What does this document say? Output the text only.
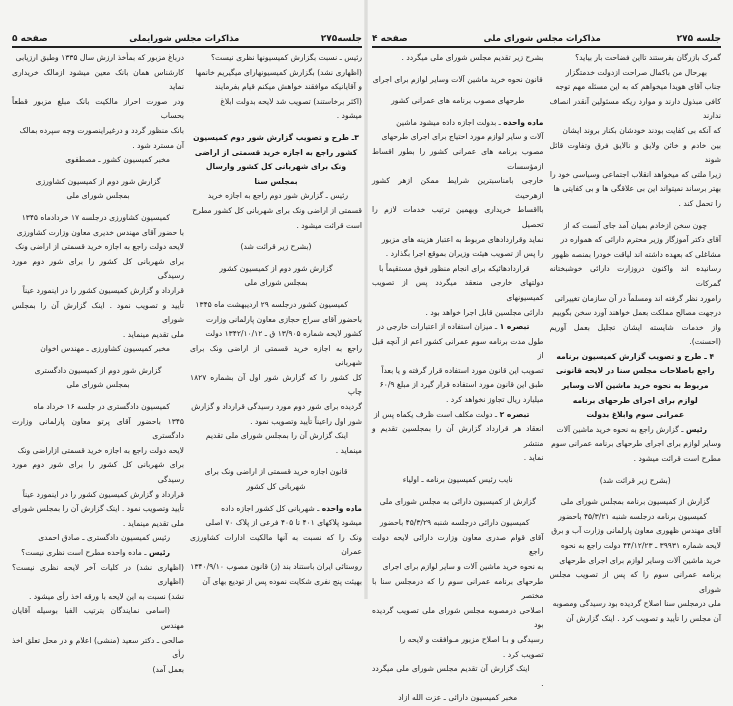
جلسه۲۷۵
مذاکرات مجلس شورایملی
صفحه ۵

رئیس ـ نسبت بگزارش کمیسیونها نظری نیست؟

(اظهاری نشد) بگزارش کمیسیونهارای میگیریم خانمها

و آقایانیکه موافقند خواهش میکنم قیام بفرمایند

(اکثر برخاستند) تصویب شد لایحه بدولت ابلاغ

میشود .

۳ـ طرح و تصویب گزارش شور دوم کمیسیون

کشور راجع به اجازه خرید قسمتی از اراضی

ونک برای شهربانی کل کشور وارسال

بمجلس سنا

رئیس ـ گزارش شور دوم راجع به اجازه خرید

قسمتی از اراضی ونک برای شهربانی کل کشور مطرح

است قرائت میشود .

(بشرح زیر قرائت شد)

گزارش شور دوم از کمیسیون کشور

بمجلس شورای ملی

کمیسیون کشور درجلسه ۲۹ اردیبهشت ماه ۱۳۴۵

باحضور آقای سراج حجازی معاون پارلمانی وزارت

کشور لایحه شماره ۱۳/۹۰۵ ق ـ ۱۳۴۲/۱۰/۱۲ دولت

راجع به اجازه خرید قسمتی از اراضی ونک برای شهربانی

کل کشور را که گزارش شور اول آن بشماره ۱۸۲۷ چاپ

گردیده برای شور دوم مورد رسیدگی قرارداد و گزارش

شور اول راعیناً تأیید وتصویب نمود .

اینک گزارش آن را بمجلس شورای ملی تقدیم

مینماید .

قانون اجازه خرید قسمتی از اراضی ونک برای

شهربانی کل کشور

ماده واحده ـ شهربانی کل کشور اجازه داده

میشود پلاکهای ۴۰۱ تا ۴۰۵ فرعی از پلاک ۷۰ اصلی

ونک را که نسبت به آنها مالکیت ادارات کشاورزی عمران

روستائی ایران باستناد بند (ز) قانون مصوب ۱۳۴۰/۹/۱۰

بهیئت پنج نفری شکایت نموده پس از تودیع بهای آن

درباغ مزبور که بمأخذ ارزش سال ۱۳۳۵ وطبق ارزیابی

کارشناس همان بانک معین میشود ازمالک خریداری نماید

ودر صورت احراز مالکیت بانک مبلغ مزبور قطعاً بحساب

بانک منظور گردد و درغیراینصورت وجه سپرده بمالک

آن مسترد شود .

مخبر کمیسیون کشور ـ مصطفوی

گزارش شور دوم از کمیسیون کشاورزی

بمجلس شورای ملی

کمیسیون کشاورزی درجلسه ۱۷ خردادماه ۱۳۴۵

با حضور آقای مهندس خدیری معاون وزارت کشاورزی

لایحه دولت راجع به اجازه خرید قسمتی از اراضی ونک

برای شهربانی کل کشور را برای شور دوم مورد رسیدگی

قرارداد و گزارش کمیسیون کشور را در اینمورد عیناً

تأیید و تصویب نمود . اینک گزارش آن را بمجلس شورای

ملی تقدیم مینماید .

مخبر کمیسیون کشاورزی ـ مهندس اخوان

گزارش شور دوم از کمیسیون دادگستری

بمجلس شورای ملی

کمیسیون دادگستری در جلسه ۱۶ خرداد ماه

۱۳۴۵ باحضور آقای پرتو معاون پارلمانی وزارت دادگستری

لایحه دولت راجع به اجازه خرید قسمتی ازاراضی ونک

برای شهربانی کل کشور را برای شور دوم مورد رسیدگی

قرارداد و گزارش کمیسیون کشور را در اینمورد عیناً

تأیید وتصویب نمود . اینک گزارش آن را بمجلس شورای

ملی تقدیم مینماید .

رئیس کمیسیون دادگستری ـ صادق احمدی

رئیس ـ ماده واحده مطرح است نظری نیست؟

(اظهاری نشد) در کلیات آخر لایحه نظری نیست؟ (اظهاری

نشد) نسبت به این لایحه با ورقه اخذ رأی میشود .

(اسامی نمایندگان بترتیب الفبا بوسیله آقایان مهندس

صالحی ـ دکتر سعید (منشی) اعلام و در محل تعلق اخذ رأی

بعمل آمد)

جلسه ۲۷۵
مذاکرات مجلس شورای ملی
صفحه ۴

گمرک بازرگان بفرستند تااین فضاحت بار بیاید؟

بهرحال من باکمال صراحت ازدولت خدمتگزار

جناب آقای هویدا میخواهم که به این مسئله مهم توجه

کافی مبذول دارند و موارد ریکه مسئولین آنقدر انصاف ندارند

که آنکه بی کفایت بودند خودشان بکنار بروند ایشان

بین خادم و خائن ولایق و نالایق فرق وتفاوت قائل شوند

زیرا ملتی که میخواهد انقلاب اجتماعی وسیاسی خود را

بهتر برساند نمیتواند این بی علاقگی ها و بی کفایتی ها

را تحمل کند .

چون سخن ازخادم بمیان آمد جای آنست که از

آقای دکتر آموزگار وزیر محترم دارائی که همواره در

مشاغلی که بعهده داشته اند لیاقت خودرا بمنصه ظهور

رسانیده اند واکنون دروزارت دارائی خوشبختانه گمرکات

رامورد نظر گرفته اند ومسلماً در آن سازمان تغییراتی

درجهت مصالح مملکت بعمل خواهند آورد سخن بگوییم

واز خدمات شایسته ایشان تجلیل بعمل آوریم (احسنت).

۴ ـ طرح و تصویب گزارش کمیسیون برنامه

راجع باصلاحات مجلس سنا در لایحه قانونی

مربوط به نحوه خرید ماشین آلات وسایر

لوازم برای اجرای طرحهای برنامه

عمرانی سوم وابلاغ بدولت

رئیس ـ گزارش راجع به نحوه خرید ماشین آلات

وسایر لوازم برای اجرای طرحهای برنامه عمرانی سوم

مطرح است قرائت میشود .

(بشرح زیر قرائت شد)

گزارش از کمیسیون برنامه بمجلس شورای ملی

کمیسیون برنامه درجلسه شنبه ۴۵/۳/۲۱ باحضور

آقای مهندس ظهوری معاون پارلمانی وزارت آب و برق

لایحه شماره ۳۹۹۳۱ ـ ۴۴/۱۲/۲۳ دولت راجع به نحوه

خرید ماشین آلات وسایر لوازم برای اجرای طرحهای

برنامه عمرانی سوم را که پس از تصویب مجلس شورای

ملی درمجلس سنا اصلاح گردیده بود رسیدگی ومصوبه

آن مجلس را تأیید و تصویب کرد . اینک گزارش آن

بشرح زیر تقدیم مجلس شورای ملی میگردد .

قانون نحوه خرید ماشین آلات وسایر لوازم برای اجرای

طرحهای مصوب برنامه های عمرانی کشور

ماده واحده ـ بدولت اجازه داده میشود ماشین

آلات و سایر لوازم مورد احتیاج برای اجرای طرحهای

مصوب برنامه های عمرانی کشور را بطور اقساط ازمؤسسات

خارجی بامناسبترین شرایط ممکن ازهر کشور ازهرحیث

بااقساط خریداری وبهمین ترتیب خدمات لازم را تحصیل

نماید وقراردادهای مربوط به اعتبار هزینه های مزبور

را پس از تصویب هیئت وزیران بموقع اجرا بگذارد .

قراردادهائیکه برای انجام منظور فوق مستقیماً با

دولتهای خارجی منعقد میگردد پس از تصویب کمیسیونهای

دارائی مجلسین قابل اجرا خواهد بود .

تبصره ۱ ـ میزان استفاده از اعتبارات خارجی در

طول مدت برنامه سوم عمرانی کشور اعم از آنچه قبل از

تصویب این قانون مورد استفاده قرار گرفته و یا بعداً

طبق این قانون مورد استفاده قرار گیرد از مبلغ ۶۰/۹

میلیارد ریال تجاوز نخواهد کرد .

تبصره ۲ ـ دولت مکلف است ظرف یکماه پس از

انعقاد هر قرارداد گزارش آن را بمجلسین تقدیم و منتشر

نماید .

نایب رئیس کمیسیون برنامه ـ اولیاء

گزارش از کمیسیون دارائی به مجلس شورای ملی

کمیسیون دارائی درجلسه شنبه ۴۵/۳/۲۹ باحضور

آقای قوام صدری معاون وزارت دارائی لایحه دولت راجع

به نحوه خرید ماشین آلات و سایر لوازم برای اجرای

طرحهای برنامه عمرانی سوم را که درمجلس سنا با مختصر

اصلاحی درمصوبه مجلس شورای ملی تصویب گردیده بود

رسیدگی و بـا اصلاح مزبور مـوافقت و لایحه را

تصویب کرد .

اینک گزارش آن تقدیم مجلس شورای ملی میگردد .

مخبر کمیسیون دارائی ـ عزت الله ازاد
